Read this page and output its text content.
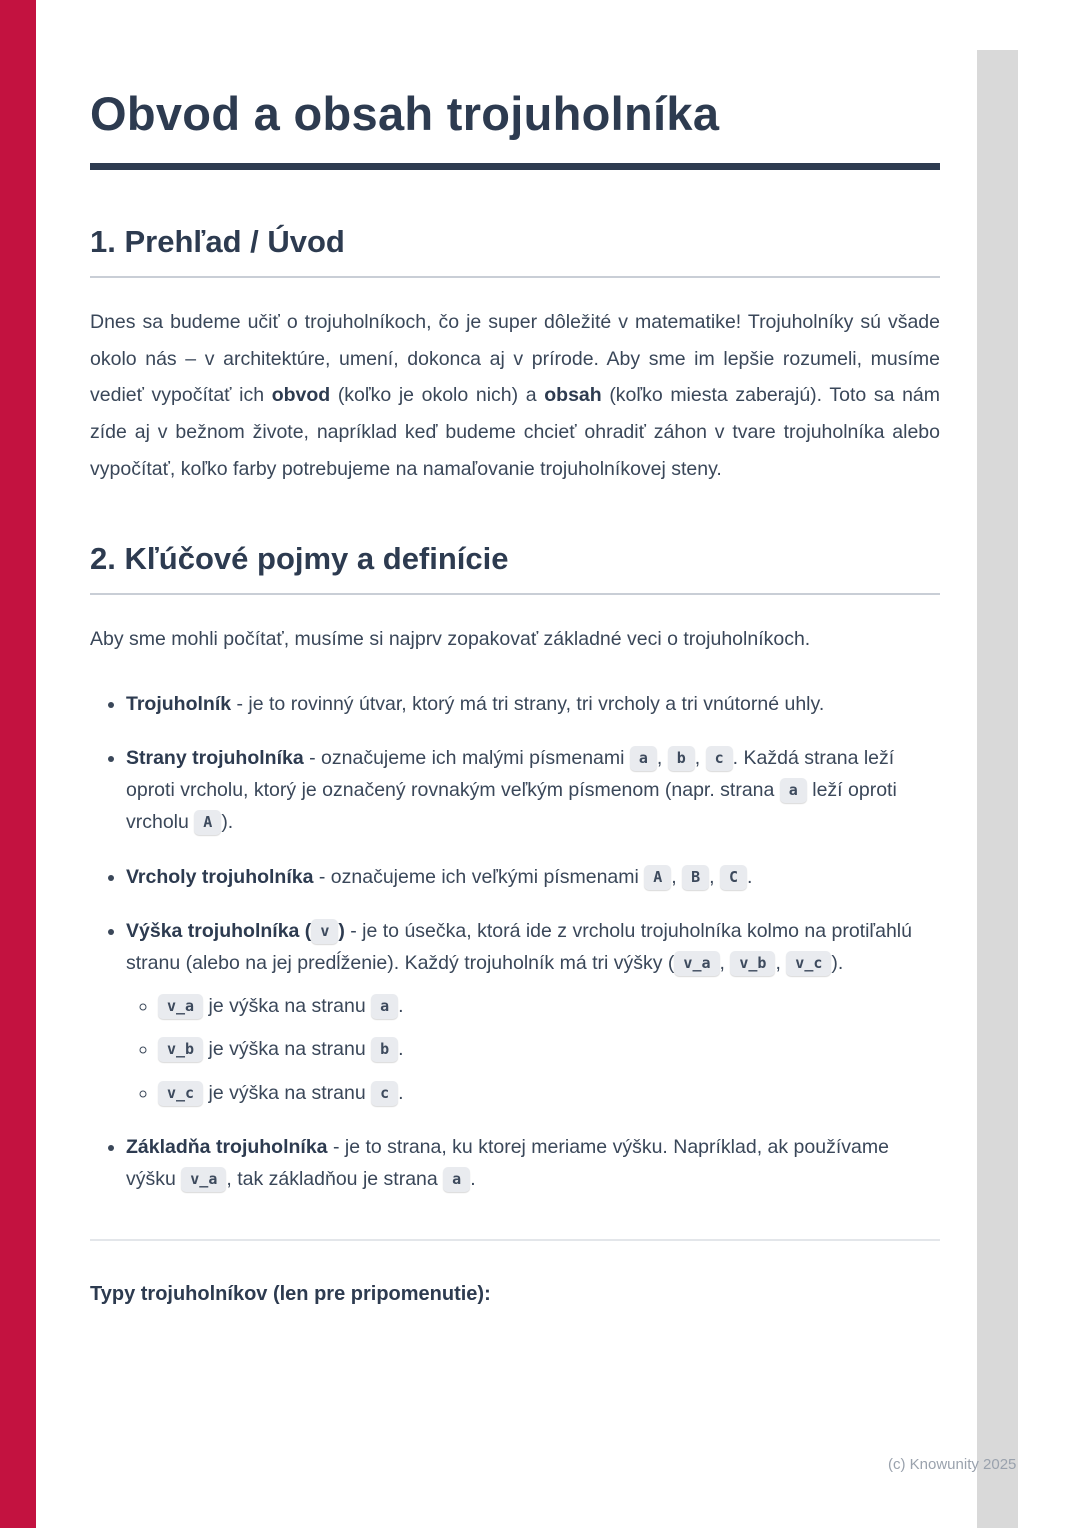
Obvod a obsah trojuholníka
1. Prehľad / Úvod

Dnes sa budeme učiť o trojuholníkoch, čo je super dôležité v matematike! Trojuholníky sú všade okolo nás – v architektúre, umení, dokonca aj v prírode. Aby sme im lepšie rozumeli, musíme vedieť vypočítať ich obvod (koľko je okolo nich) a obsah (koľko miesta zaberajú). Toto sa nám zíde aj v bežnom živote, napríklad keď budeme chcieť ohradiť záhon v tvare trojuholníka alebo vypočítať, koľko farby potrebujeme na namaľovanie trojuholníkovej steny.

2. Kľúčové pojmy a definície

Aby sme mohli počítať, musíme si najprv zopakovať základné veci o trojuholníkoch.

• Trojuholník - je to rovinný útvar, ktorý má tri strany, tri vrcholy a tri vnútorné uhly.
• Strany trojuholníka - označujeme ich malými písmenami a , b , c . Každá strana leží oproti vrcholu, ktorý je označený rovnakým veľkým písmenom (napr. strana a leží oproti vrcholu A ).
• Vrcholy trojuholníka - označujeme ich veľkými písmenami A , B , C .
• Výška trojuholníka ( v ) - je to úsečka, ktorá ide z vrcholu trojuholníka kolmo na protiľahlú stranu (alebo na jej predĺženie). Každý trojuholník má tri výšky ( v_a , v_b , v_c ).
◦ v_a je výška na stranu a .
◦ v_b je výška na stranu b .
◦ v_c je výška na stranu c .
• Základňa trojuholníka - je to strana, ku ktorej meriame výšku. Napríklad, ak používame výšku v_a , tak základňou je strana a .

Typy trojuholníkov (len pre pripomenutie):

(c) Knowunity 2025
